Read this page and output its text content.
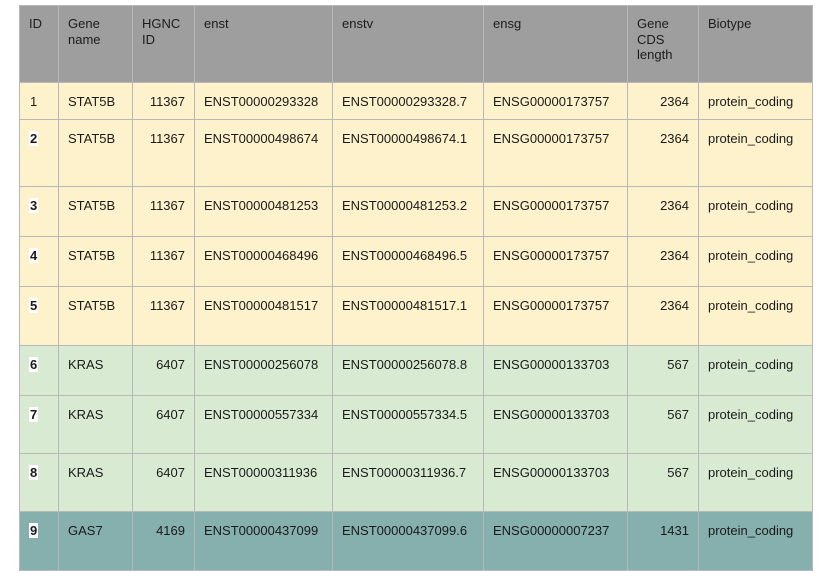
ID	Gene name	HGNC ID	enst	enstv	ensg	Gene CDS length	Biotype
1	STAT5B	11367	ENST00000293328	ENST00000293328.7	ENSG00000173757	2364	protein_coding
2	STAT5B	11367	ENST00000498674	ENST00000498674.1	ENSG00000173757	2364	protein_coding
3	STAT5B	11367	ENST00000481253	ENST00000481253.2	ENSG00000173757	2364	protein_coding
4	STAT5B	11367	ENST00000468496	ENST00000468496.5	ENSG00000173757	2364	protein_coding
5	STAT5B	11367	ENST00000481517	ENST00000481517.1	ENSG00000173757	2364	protein_coding
6	KRAS	6407	ENST00000256078	ENST00000256078.8	ENSG00000133703	567	protein_coding
7	KRAS	6407	ENST00000557334	ENST00000557334.5	ENSG00000133703	567	protein_coding
8	KRAS	6407	ENST00000311936	ENST00000311936.7	ENSG00000133703	567	protein_coding
9	GAS7	4169	ENST00000437099	ENST00000437099.6	ENSG00000007237	1431	protein_coding
